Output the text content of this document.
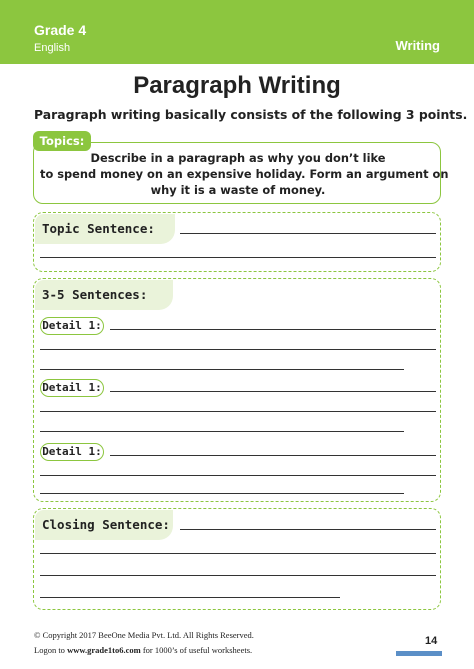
Grade 4
English	Writing
Paragraph Writing
Paragraph writing basically consists of the following 3 points.
Topics:
Describe in a paragraph as why you don’t like
to spend money on an expensive holiday. Form an argument on
why it is a waste of money.
Topic Sentence:
3-5 Sentences:
Detail 1:
Detail 1:
Detail 1:
Closing Sentence:
© Copyright 2017 BeeOne Media Pvt. Ltd. All Rights Reserved.
Logon to www.grade1to6.com for 1000’s of useful worksheets.
14
